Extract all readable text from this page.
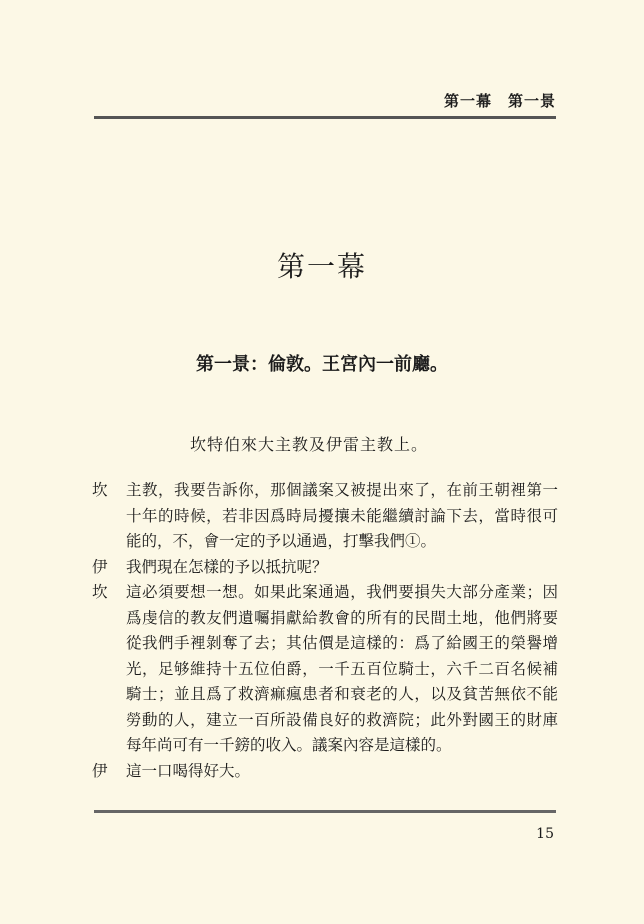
第一幕　第一景
第一幕
第一景：倫敦。王宮內一前廳。
坎特伯來大主教及伊雷主教上。
坎	主教，我要告訴你，那個議案又被提出來了，在前王朝裡第一十年的時候，若非因爲時局擾攘未能繼續討論下去，當時很可能的，不，會一定的予以通過，打擊我們①。
伊	我們現在怎樣的予以抵抗呢？
坎	這必須要想一想。如果此案通過，我們要損失大部分產業；因爲虔信的教友們遺囑捐獻給教會的所有的民間土地，他們將要從我們手裡剝奪了去；其估價是這樣的：爲了給國王的榮譽增光，足够維持十五位伯爵，一千五百位騎士，六千二百名候補騎士；並且爲了救濟痲瘋患者和衰老的人，以及貧苦無依不能勞動的人，建立一百所設備良好的救濟院；此外對國王的財庫每年尚可有一千鎊的收入。議案內容是這樣的。
伊	這一口喝得好大。
15
